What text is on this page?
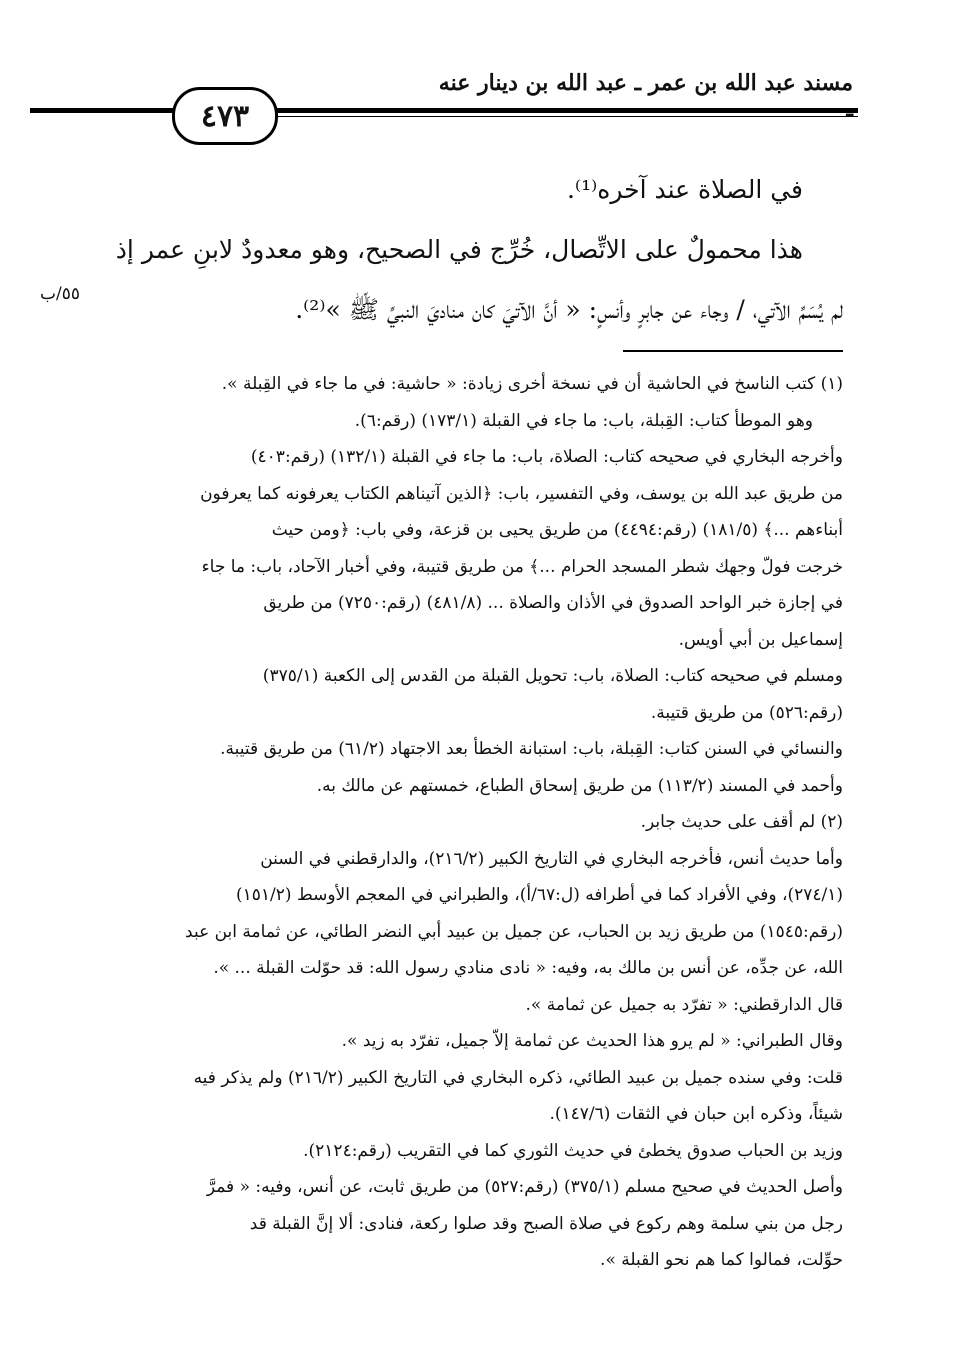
مسند عبد الله بن عمر ـ عبد الله بن دينار عنه
٤٧٣
في الصلاة عند آخره⁽¹⁾.
هذا محمولٌ على الاتِّصال، خُرِّج في الصحيح، وهو معدودٌ لابنِ عمر إذ
لم يُسَمِّ الآتي، / وجاء عن جابرٍ وأنسٍ: « أنَّ الآتيَ كان مناديَ النبيِّ ﷺ »⁽²⁾.
٥٥/ب
(١) كتب الناسخ في الحاشية أن في نسخة أخرى زيادة: « حاشية: في ما جاء في القِبلة ».
وهو الموطأ كتاب: القِبلة، باب: ما جاء في القبلة (١٧٣/١) (رقم:٦).
وأخرجه البخاري في صحيحه كتاب: الصلاة، باب: ما جاء في القبلة (١٣٢/١) (رقم:٤٠٣)
من طريق عبد الله بن يوسف، وفي التفسير، باب: ﴿الذين آتيناهم الكتاب يعرفونه كما يعرفون
أبناءهم ...﴾ (١٨١/٥) (رقم:٤٤٩٤) من طريق يحيى بن قزعة، وفي باب: ﴿ومن حيث
خرجت فولّ وجهك شطر المسجد الحرام ...﴾ من طريق قتيبة، وفي أخبار الآحاد، باب: ما جاء
في إجازة خبر الواحد الصدوق في الأذان والصلاة ... (٤٨١/٨) (رقم:٧٢٥٠) من طريق
إسماعيل بن أبي أويس.
ومسلم في صحيحه كتاب: الصلاة، باب: تحويل القبلة من القدس إلى الكعبة (٣٧٥/١)
(رقم:٥٢٦) من طريق قتيبة.
والنسائي في السنن كتاب: القِبلة، باب: استبانة الخطأ بعد الاجتهاد (٦١/٢) من طريق قتيبة.
وأحمد في المسند (١١٣/٢) من طريق إسحاق الطباع، خمستهم عن مالك به.
(٢) لم أقف على حديث جابر.
وأما حديث أنس، فأخرجه البخاري في التاريخ الكبير (٢١٦/٢)، والدارقطني في السنن
(٢٧٤/١)، وفي الأفراد كما في أطرافه (ل:٦٧/أ)، والطبراني في المعجم الأوسط (١٥١/٢)
(رقم:١٥٤٥) من طريق زيد بن الحباب، عن جميل بن عبيد أبي النضر الطائي، عن ثمامة ابن عبد
الله، عن جدِّه، عن أنس بن مالك به، وفيه: « نادى منادي رسول الله: قد حوّلت القبلة ... ».
قال الدارقطني: « تفرّد به جميل عن ثمامة ».
وقال الطبراني: « لم يرو هذا الحديث عن ثمامة إلاّ جميل، تفرّد به زيد ».
قلت: وفي سنده جميل بن عبيد الطائي، ذكره البخاري في التاريخ الكبير (٢١٦/٢) ولم يذكر فيه
شيئاً، وذكره ابن حبان في الثقات (١٤٧/٦).
وزيد بن الحباب صدوق يخطئ في حديث الثوري كما في التقريب (رقم:٢١٢٤).
وأصل الحديث في صحيح مسلم (٣٧٥/١) (رقم:٥٢٧) من طريق ثابت، عن أنس، وفيه: « فمرَّ
رجل من بني سلمة وهم ركوع في صلاة الصبح وقد صلوا ركعة، فنادى: ألا إنَّ القبلة قد
حوِّلت، فمالوا كما هم نحو القبلة ».
